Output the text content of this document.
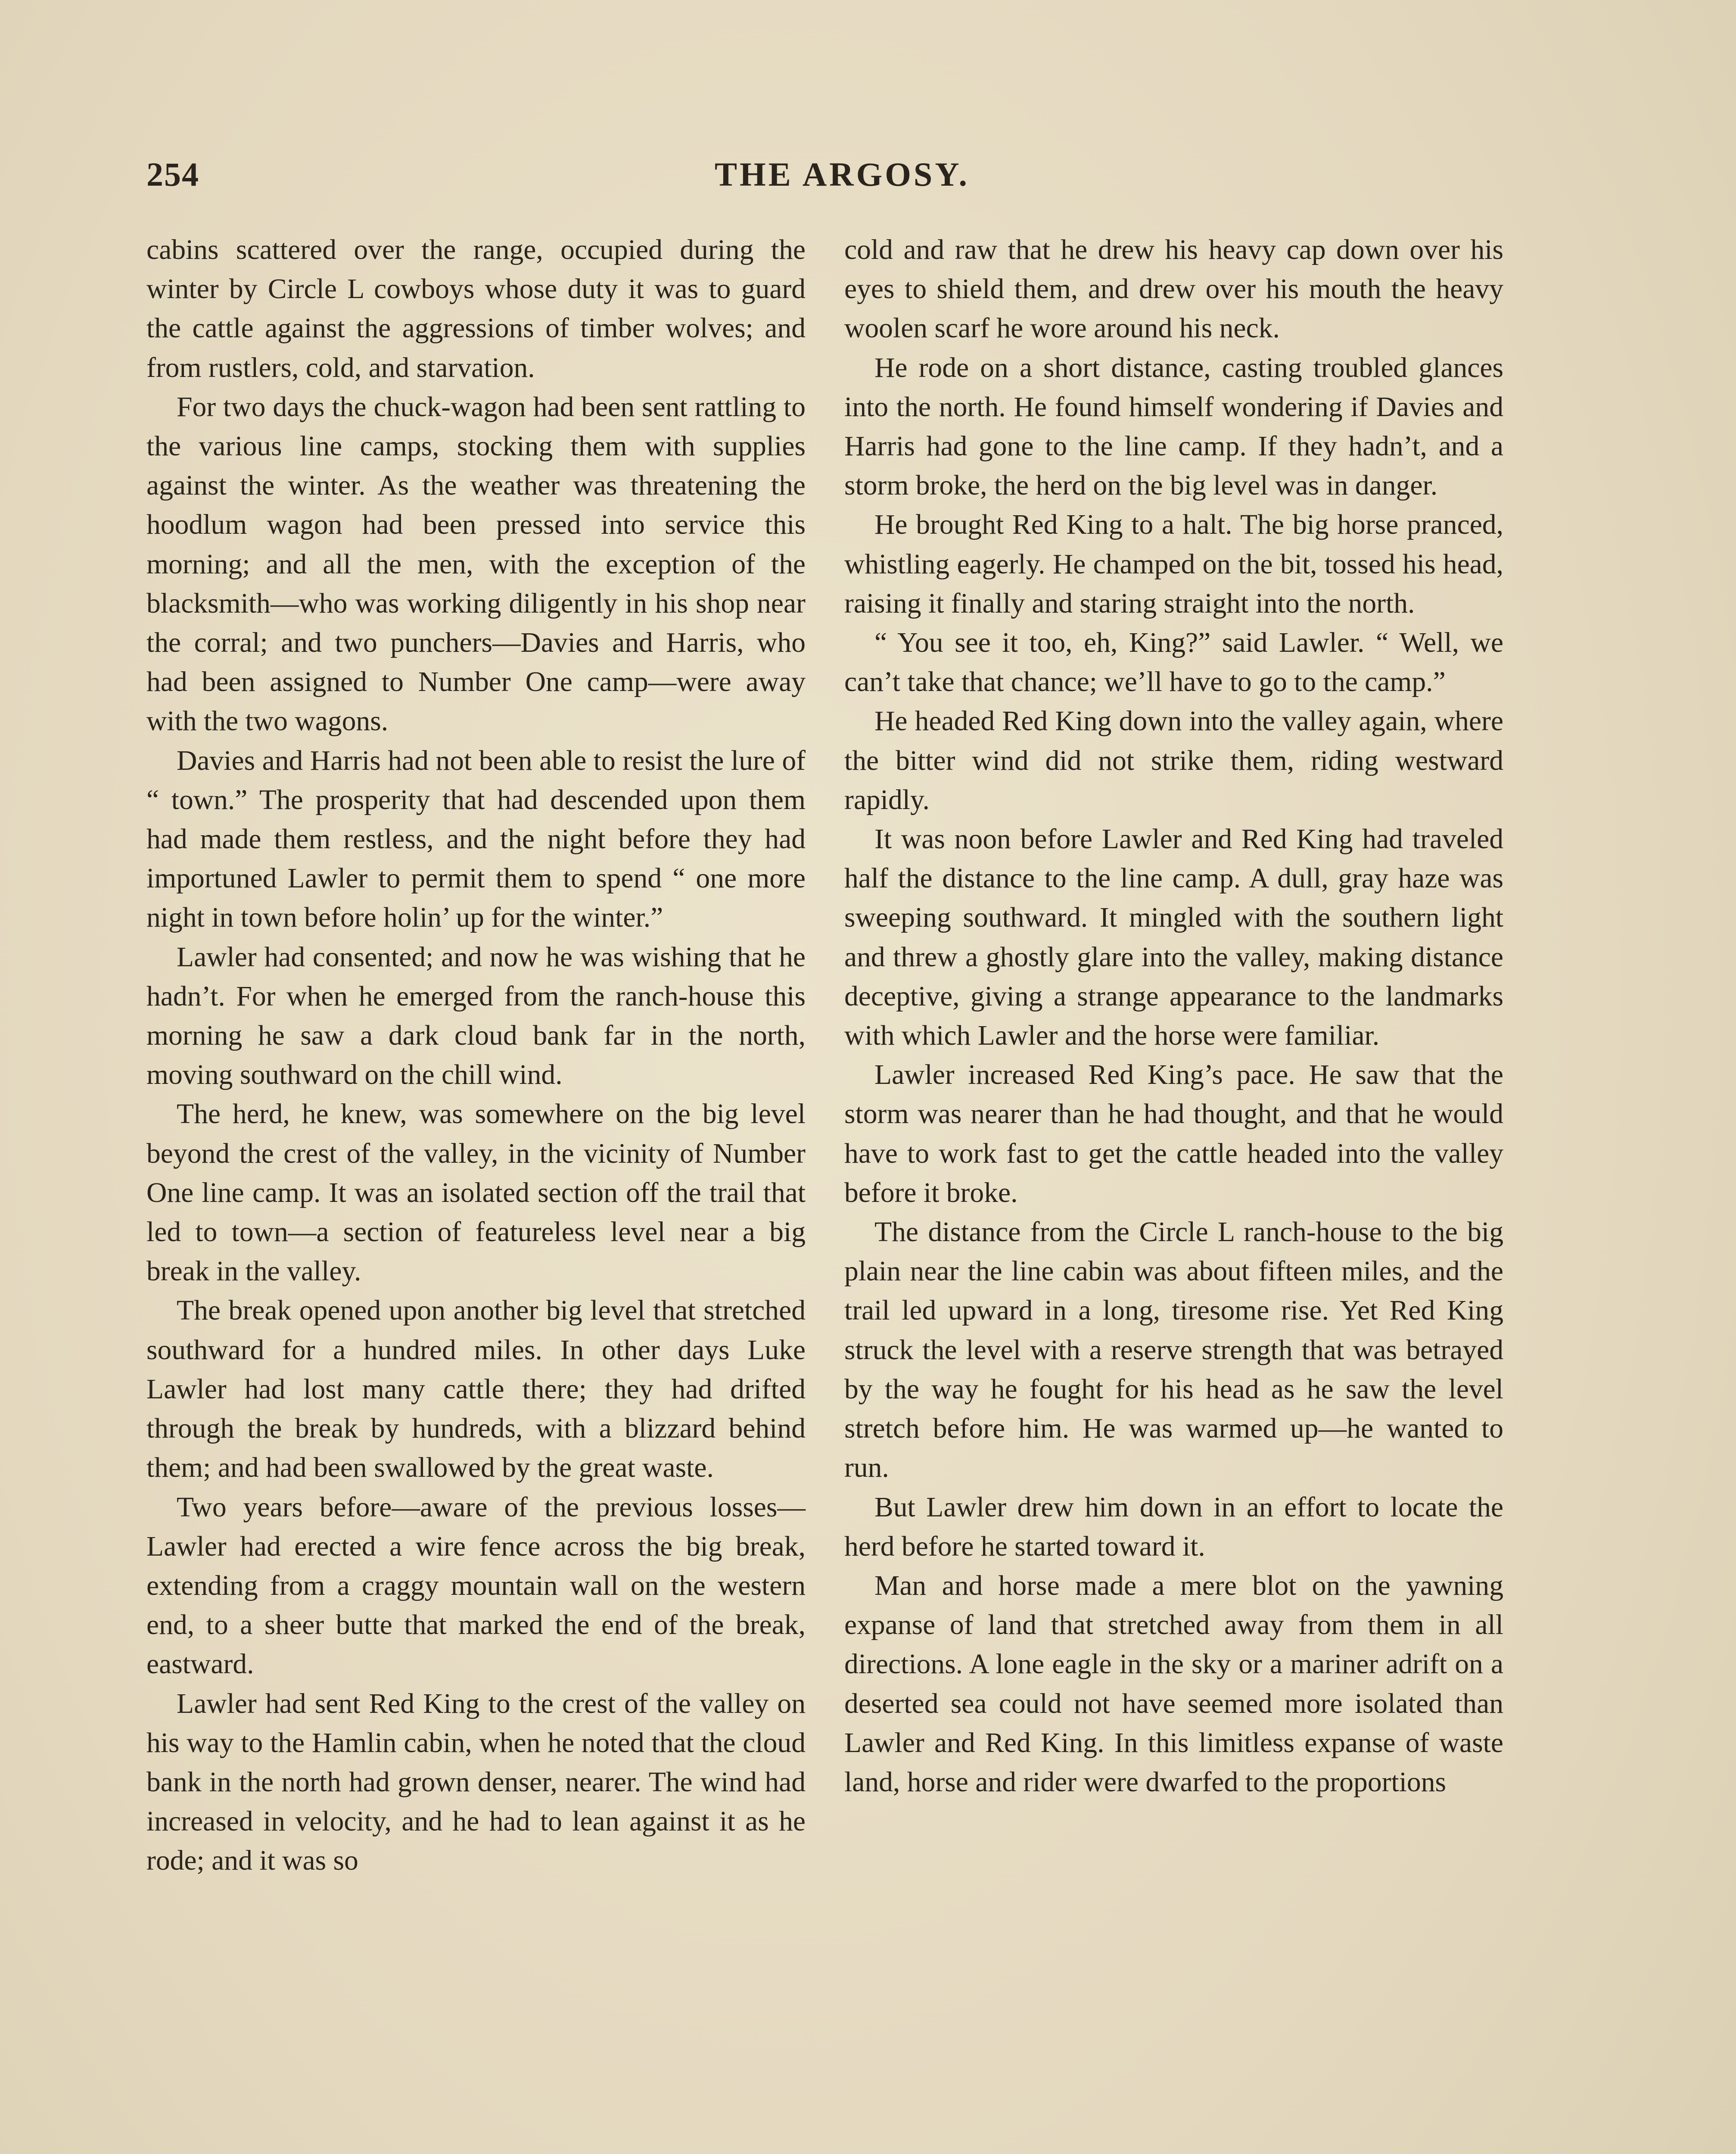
254	THE ARGOSY.

cabins scattered over the range, occupied during the winter by Circle L cowboys whose duty it was to guard the cattle against the aggressions of timber wolves; and from rustlers, cold, and starvation.

For two days the chuck-wagon had been sent rattling to the various line camps, stocking them with supplies against the winter. As the weather was threatening the hoodlum wagon had been pressed into service this morning; and all the men, with the exception of the blacksmith—who was working diligently in his shop near the corral; and two punchers—Davies and Harris, who had been assigned to Number One camp—were away with the two wagons.

Davies and Harris had not been able to resist the lure of “ town.” The prosperity that had descended upon them had made them restless, and the night before they had importuned Lawler to permit them to spend “ one more night in town before holin’ up for the winter.”

Lawler had consented; and now he was wishing that he hadn’t. For when he emerged from the ranch-house this morning he saw a dark cloud bank far in the north, moving southward on the chill wind.

The herd, he knew, was somewhere on the big level beyond the crest of the valley, in the vicinity of Number One line camp. It was an isolated section off the trail that led to town—a section of featureless level near a big break in the valley.

The break opened upon another big level that stretched southward for a hundred miles. In other days Luke Lawler had lost many cattle there; they had drifted through the break by hundreds, with a blizzard behind them; and had been swallowed by the great waste.

Two years before—aware of the previous losses—Lawler had erected a wire fence across the big break, extending from a craggy mountain wall on the western end, to a sheer butte that marked the end of the break, eastward.

Lawler had sent Red King to the crest of the valley on his way to the Hamlin cabin, when he noted that the cloud bank in the north had grown denser, nearer. The wind had increased in velocity, and he had to lean against it as he rode; and it was so

cold and raw that he drew his heavy cap down over his eyes to shield them, and drew over his mouth the heavy woolen scarf he wore around his neck.

He rode on a short distance, casting troubled glances into the north. He found himself wondering if Davies and Harris had gone to the line camp. If they hadn’t, and a storm broke, the herd on the big level was in danger.

He brought Red King to a halt. The big horse pranced, whistling eagerly. He champed on the bit, tossed his head, raising it finally and staring straight into the north.

“ You see it too, eh, King?” said Lawler. “ Well, we can’t take that chance; we’ll have to go to the camp.”

He headed Red King down into the valley again, where the bitter wind did not strike them, riding westward rapidly.

It was noon before Lawler and Red King had traveled half the distance to the line camp. A dull, gray haze was sweeping southward. It mingled with the southern light and threw a ghostly glare into the valley, making distance deceptive, giving a strange appearance to the landmarks with which Lawler and the horse were familiar.

Lawler increased Red King’s pace. He saw that the storm was nearer than he had thought, and that he would have to work fast to get the cattle headed into the valley before it broke.

The distance from the Circle L ranch-house to the big plain near the line cabin was about fifteen miles, and the trail led upward in a long, tiresome rise. Yet Red King struck the level with a reserve strength that was betrayed by the way he fought for his head as he saw the level stretch before him. He was warmed up—he wanted to run.

But Lawler drew him down in an effort to locate the herd before he started toward it.

Man and horse made a mere blot on the yawning expanse of land that stretched away from them in all directions. A lone eagle in the sky or a mariner adrift on a deserted sea could not have seemed more isolated than Lawler and Red King. In this limitless expanse of waste land, horse and rider were dwarfed to the proportions
